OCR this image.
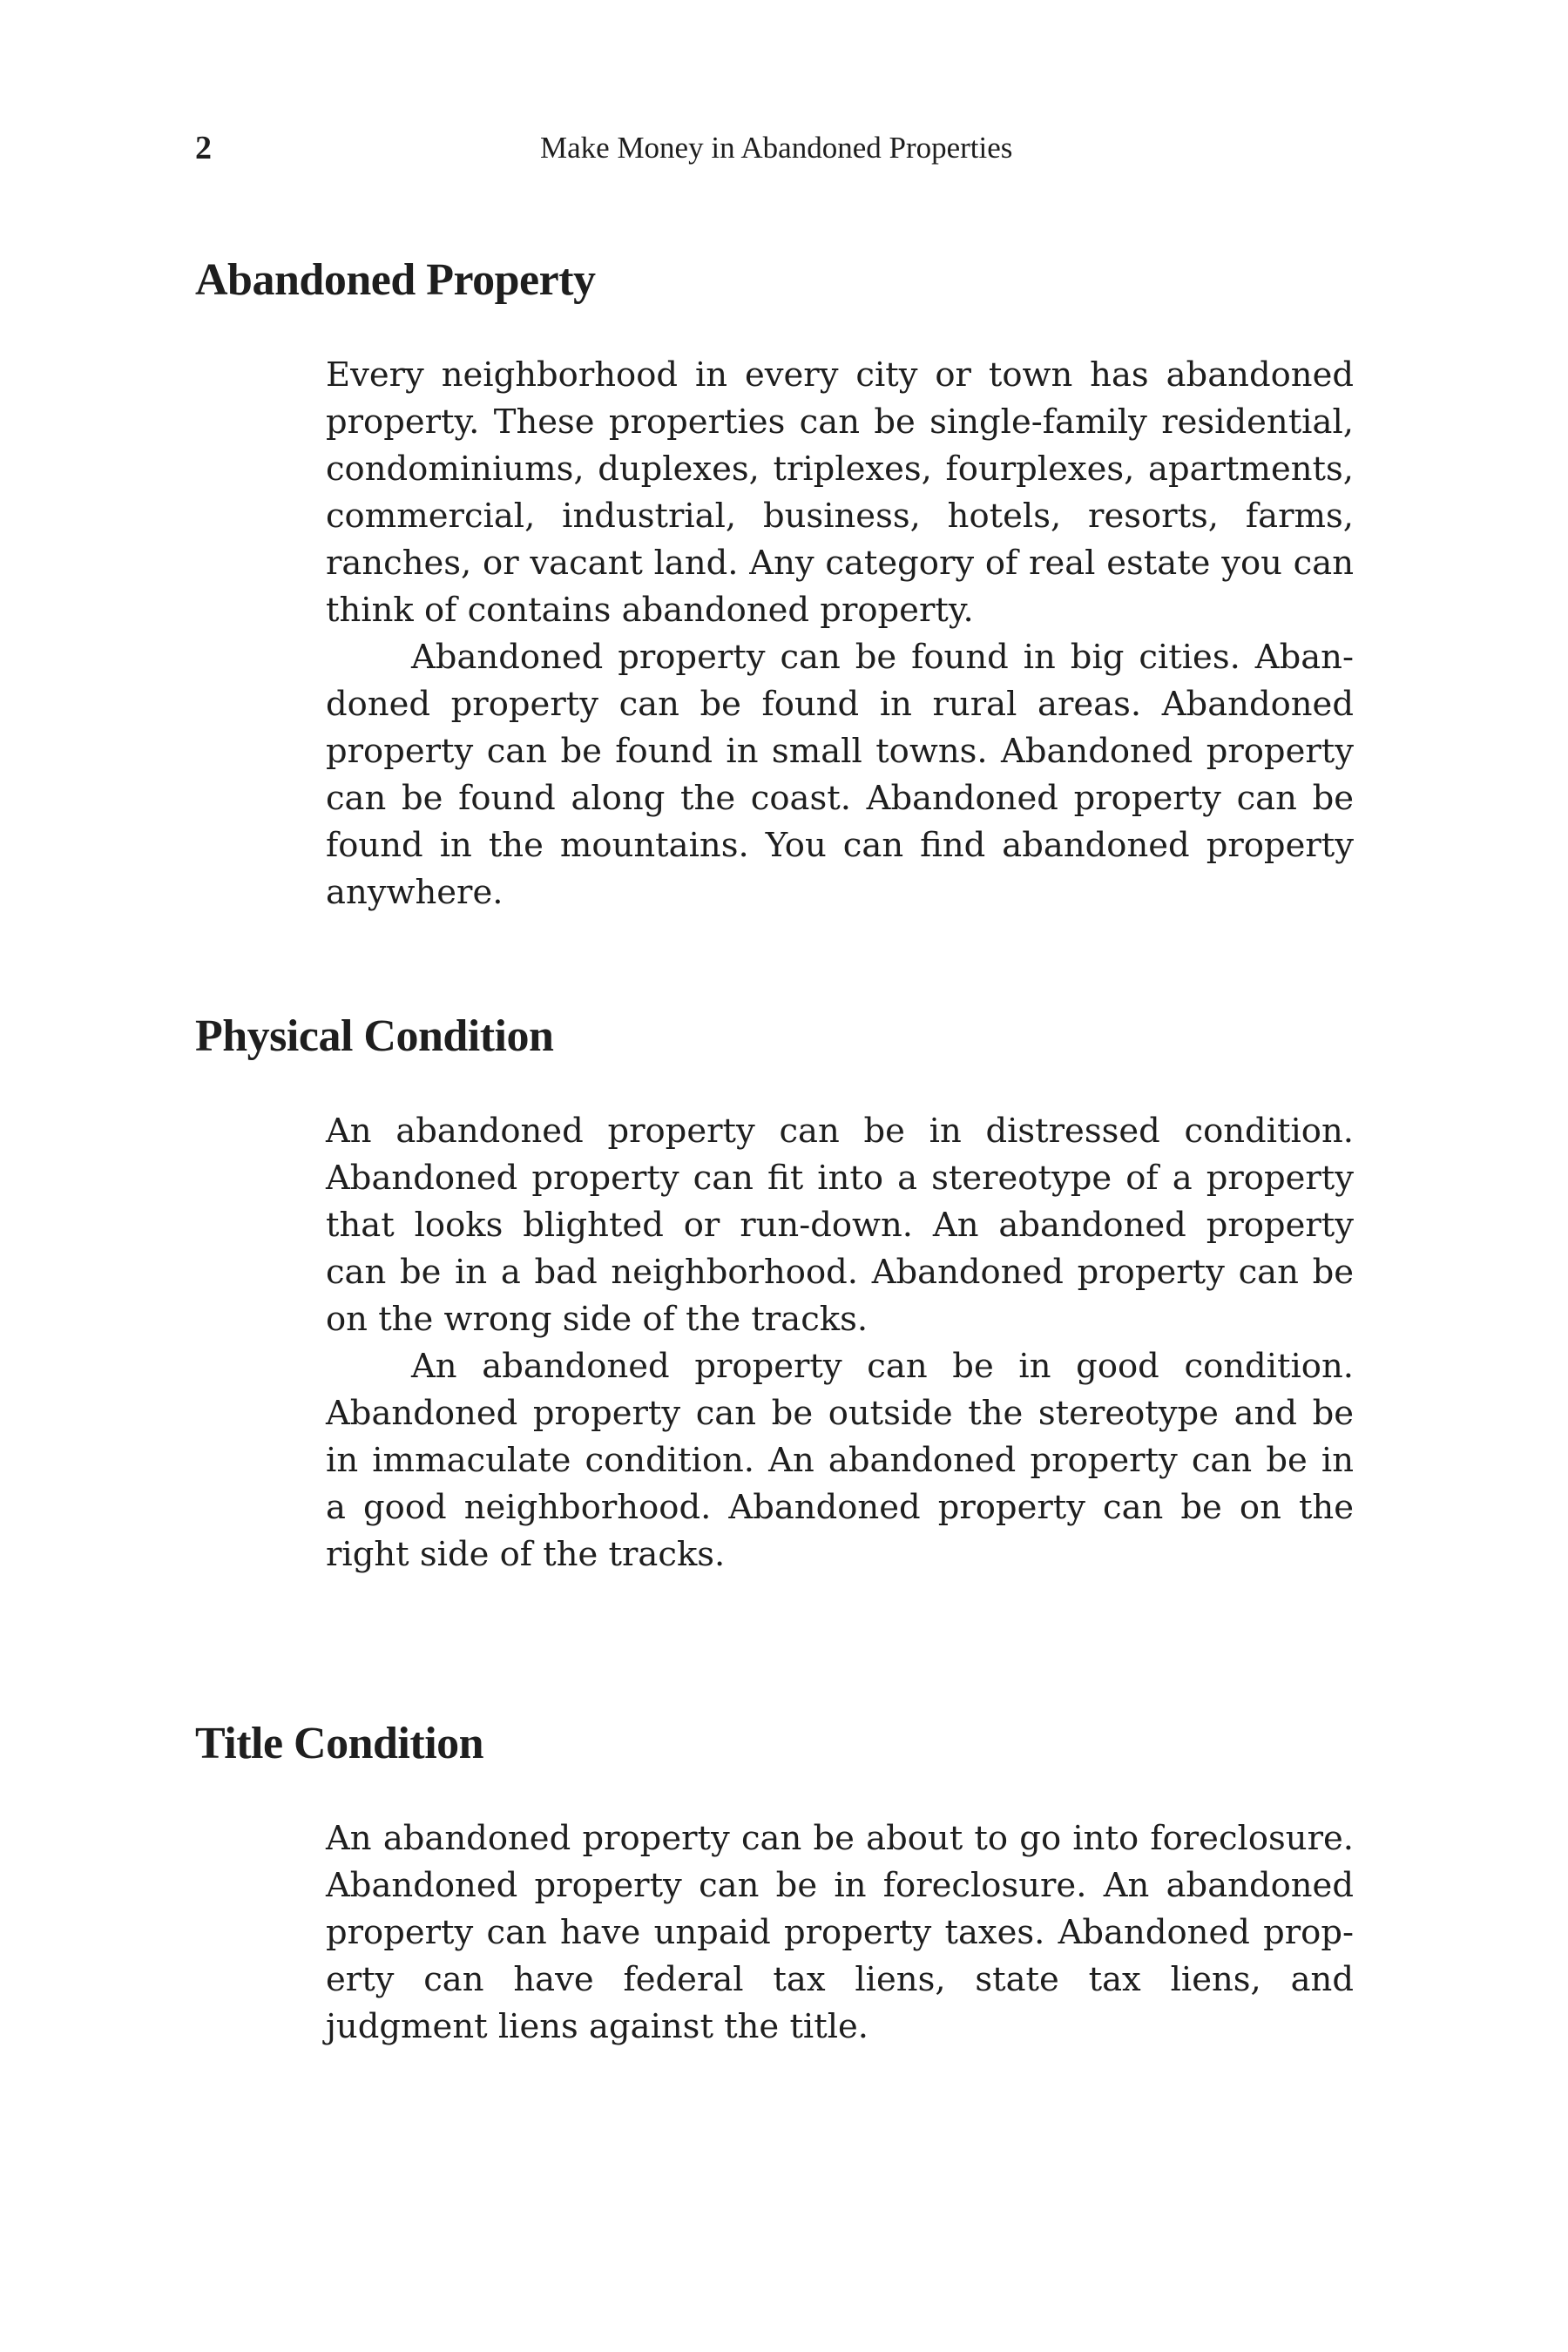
2	Make Money in Abandoned Properties
Abandoned Property

Every neighborhood in every city or town has abandoned property. These properties can be single-family residential, condominiums, duplexes, triplexes, fourplexes, apartments, commercial, industrial, business, hotels, resorts, farms, ranches, or vacant land. Any category of real estate you can think of contains abandoned property.

Abandoned property can be found in big cities. Abandoned property can be found in rural areas. Abandoned property can be found in small towns. Abandoned property can be found along the coast. Abandoned property can be found in the mountains. You can find abandoned property anywhere.

Physical Condition

An abandoned property can be in distressed condition. Abandoned property can fit into a stereotype of a property that looks blighted or run-down. An abandoned property can be in a bad neighborhood. Abandoned property can be on the wrong side of the tracks.

An abandoned property can be in good condition. Abandoned property can be outside the stereotype and be in immaculate condition. An abandoned property can be in a good neighborhood. Abandoned property can be on the right side of the tracks.

Title Condition

An abandoned property can be about to go into foreclosure. Abandoned property can be in foreclosure. An abandoned property can have unpaid property taxes. Abandoned property can have federal tax liens, state tax liens, and judgment liens against the title.
